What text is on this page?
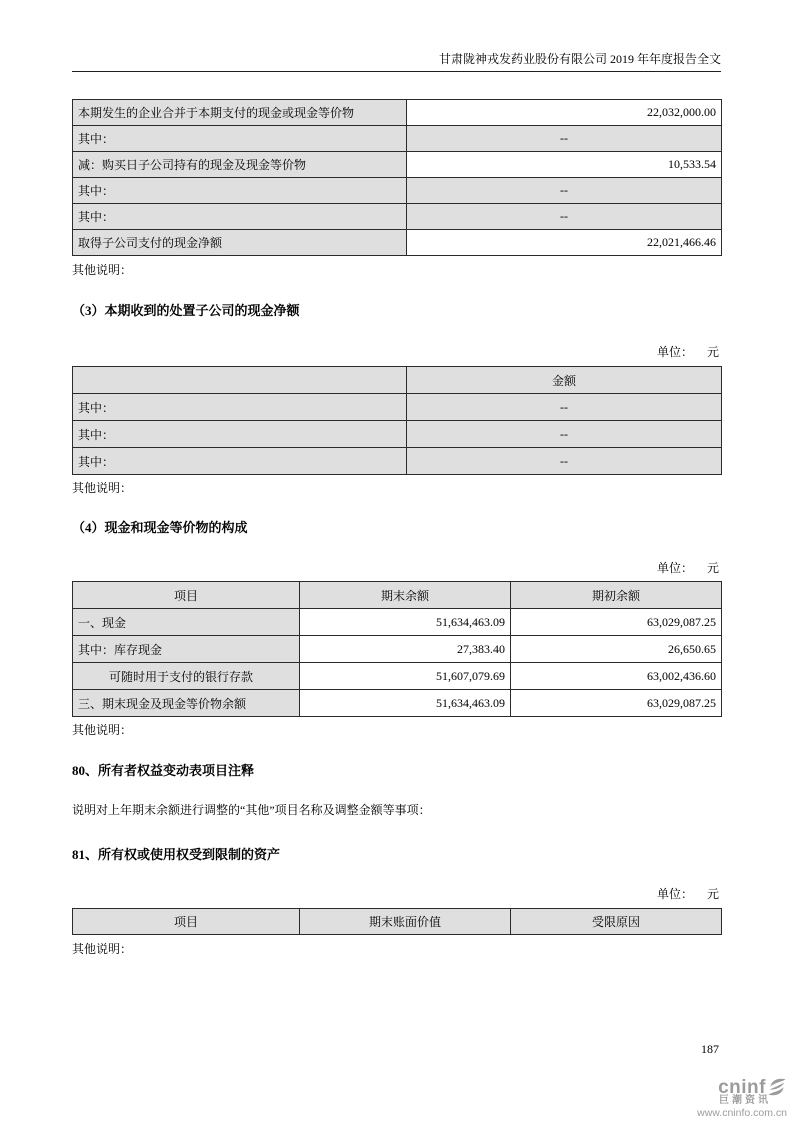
甘肃陇神戎发药业股份有限公司 2019 年年度报告全文
本期发生的企业合并于本期支付的现金或现金等价物	22,032,000.00
其中：	--
减：购买日子公司持有的现金及现金等价物	10,533.54
其中：	--
其中：	--
取得子公司支付的现金净额	22,021,466.46

其他说明：

（3）本期收到的处置子公司的现金净额
单位： 元
	金额
其中：	--
其中：	--
其中：	--

其他说明：

（4）现金和现金等价物的构成
单位： 元
项目	期末余额	期初余额
一、现金	51,634,463.09	63,029,087.25
其中：库存现金	27,383.40	26,650.65
可随时用于支付的银行存款	51,607,079.69	63,002,436.60
三、期末现金及现金等价物余额	51,634,463.09	63,029,087.25

其他说明：

80、所有者权益变动表项目注释

说明对上年期末余额进行调整的“其他”项目名称及调整金额等事项：

81、所有权或使用权受到限制的资产
单位： 元
项目	期末账面价值	受限原因

其他说明：

187
cninf
巨潮资讯
www.cninfo.com.cn
